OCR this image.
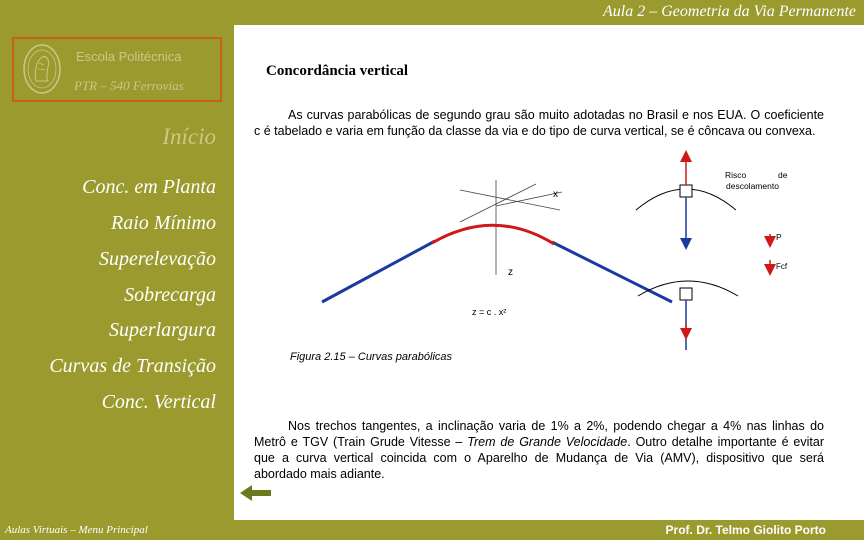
Aula 2 – Geometria da Via Permanente
Escola Politécnica
PTR – 540 Ferrovias
Início
Conc. em Planta
Raio Mínimo
Superelevação
Sobrecarga
Superlargura
Curvas de Transição
Conc. Vertical
Concordância vertical

As curvas parabólicas de segundo grau são muito adotadas no Brasil e nos EUA. O coeficiente c é tabelado e varia em função da classe da via e do tipo de curva vertical, se é côncava ou convexa.

x
z
z = c . x²
Risco	de descolamento
P
Fcf
Figura 2.15 – Curvas parabólicas

Nos trechos tangentes, a inclinação varia de 1% a 2%, podendo chegar a 4% nas linhas do Metrô e TGV (Train Grude Vitesse – Trem de Grande Velocidade. Outro detalhe importante é evitar que a curva vertical coincida com o Aparelho de Mudança de Via (AMV), dispositivo que será abordado mais adiante.

Aulas Virtuais – Menu Principal	Prof. Dr. Telmo Giolito Porto
